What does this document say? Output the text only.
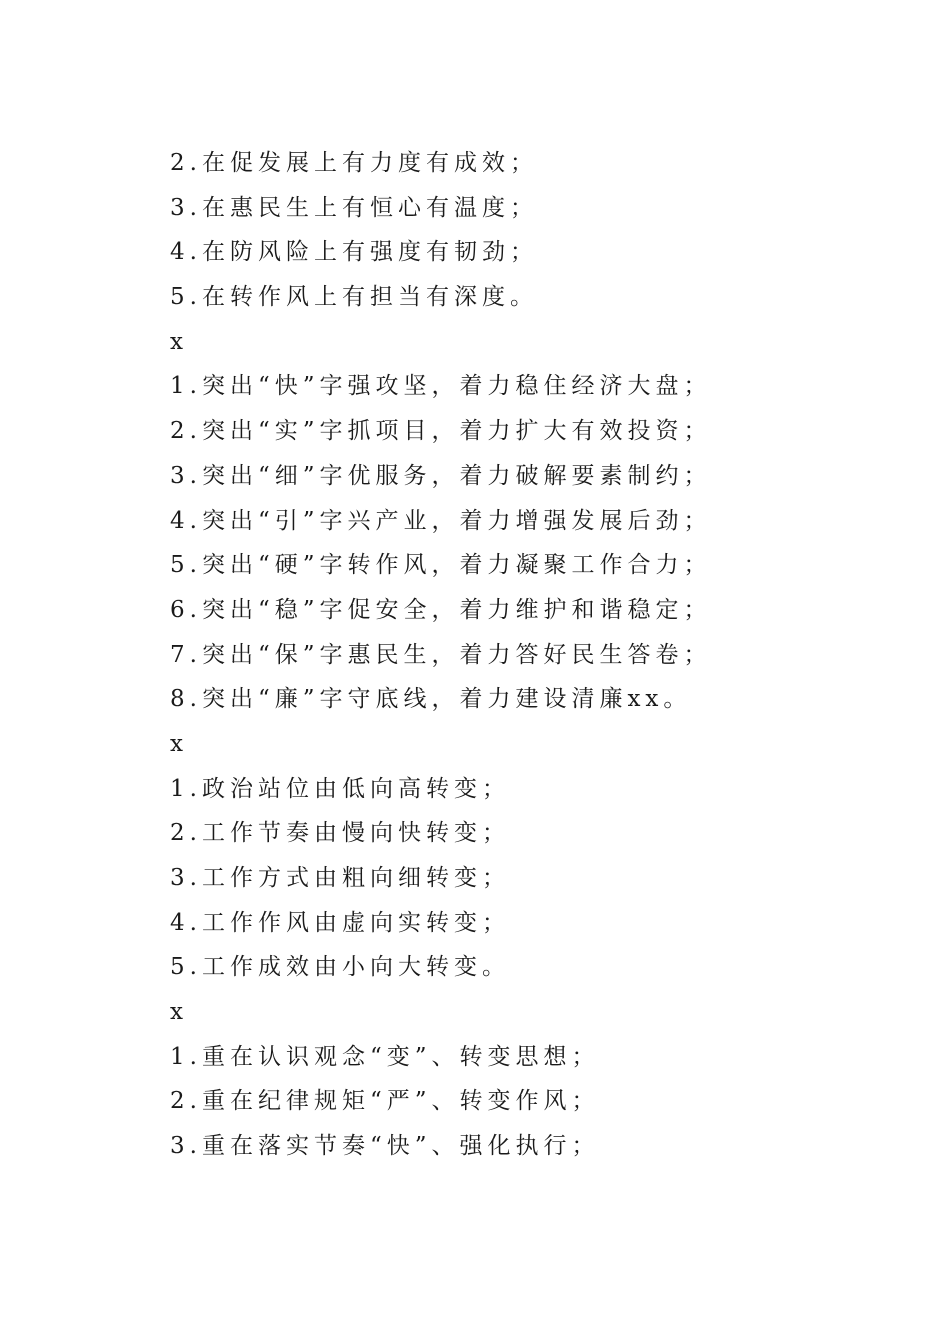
2.在促发展上有力度有成效；
3.在惠民生上有恒心有温度；
4.在防风险上有强度有韧劲；
5.在转作风上有担当有深度。
x
1.突出“快”字强攻坚，着力稳住经济大盘；
2.突出“实”字抓项目，着力扩大有效投资；
3.突出“细”字优服务，着力破解要素制约；
4.突出“引”字兴产业，着力增强发展后劲；
5.突出“硬”字转作风，着力凝聚工作合力；
6.突出“稳”字促安全，着力维护和谐稳定；
7.突出“保”字惠民生，着力答好民生答卷；
8.突出“廉”字守底线，着力建设清廉xx。
x
1.政治站位由低向高转变；
2.工作节奏由慢向快转变；
3.工作方式由粗向细转变；
4.工作作风由虚向实转变；
5.工作成效由小向大转变。
x
1.重在认识观念“变”、转变思想；
2.重在纪律规矩“严”、转变作风；
3.重在落实节奏“快”、强化执行；
